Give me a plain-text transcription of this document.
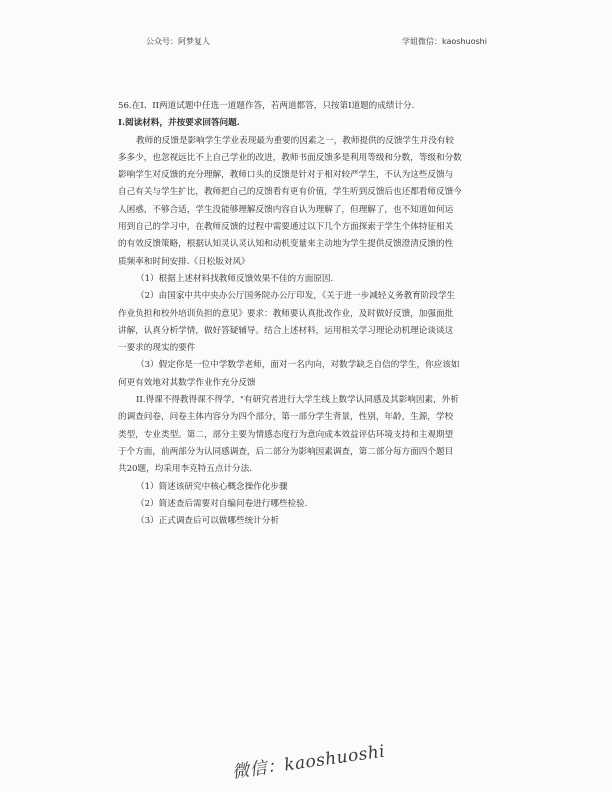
公众号：阿梦复人	学姐微信：kaoshuoshi
56.在I、II两道试题中任选一道题作答，若两道都答，只按第I道题的成绩计分.
I.阅读材料，并按要求回答问题.
教师的反馈是影响学生学业表现最为重要的因素之一，教师提供的反馈学生并没有较
多多少，也忽视远比不上自己学业的改进，教师书面反馈多是利用等级和分数，等级和分数
影响学生对反馈的充分理解，教师口头的反馈是针对于相对较严学生，不认为这些反馈与
自己有关与学生扩比，教师把自己的反馈看有更有价值，学生听到反馈后也还都看师反馈今
人困惑，不够合适，学生没能够理解反馈内容自认为理解了，但理解了，也不知道如何运
用到自己的学习中，在教师反馈的过程中需要通过以下几个方面探索于学生个体特征相关
的有效反馈策略，根据认知灵认灵认知和动机变量来主动地为学生提供反馈澄清反馈的性
质频率和时间安排.《日松版対风》
（1）根据上述材料找教师反馈效果不佳的方面原因.
（2）由国家中共中央办公厅国务院办公厅印发，《关于进一步减轻义务教育阶段学生
作业负担和校外培训负担的意见》要求：教师要认真批改作业，及时做好反馈，加强面批
讲解，认真分析学情，做好答疑辅导。结合上述材料，运用相关学习理论动机理论谈谈这
一要求的现实的要件
（3）假定你是一位中学数学老师，面对一名内向，对数学缺乏自信的学生，你应该如
何更有效地对其数学作业作充分反馈
II.得课不得教得课不得学，"有研究者进行大学生线上数学认同感及其影响因素，外析
的调查问卷，问卷主体内容分为四个部分，第一部分学生背景，性别，年龄，生源，学校
类型，专业类型。第二，部分主要为情感态度行为意向成本效益评估环境支持和主观期望
于个方面，前两部分为认同感调查，后二部分为影响因素调查，第二部分每方面四个题目
共20题，均采用李克特五点计分法.
（1）简述该研究中核心概念操作化步骤
（2）简述查后需要对自编问卷进行哪些检验.
（3）正式调查后可以做哪些统计分析
微信：kaoshuoshi
